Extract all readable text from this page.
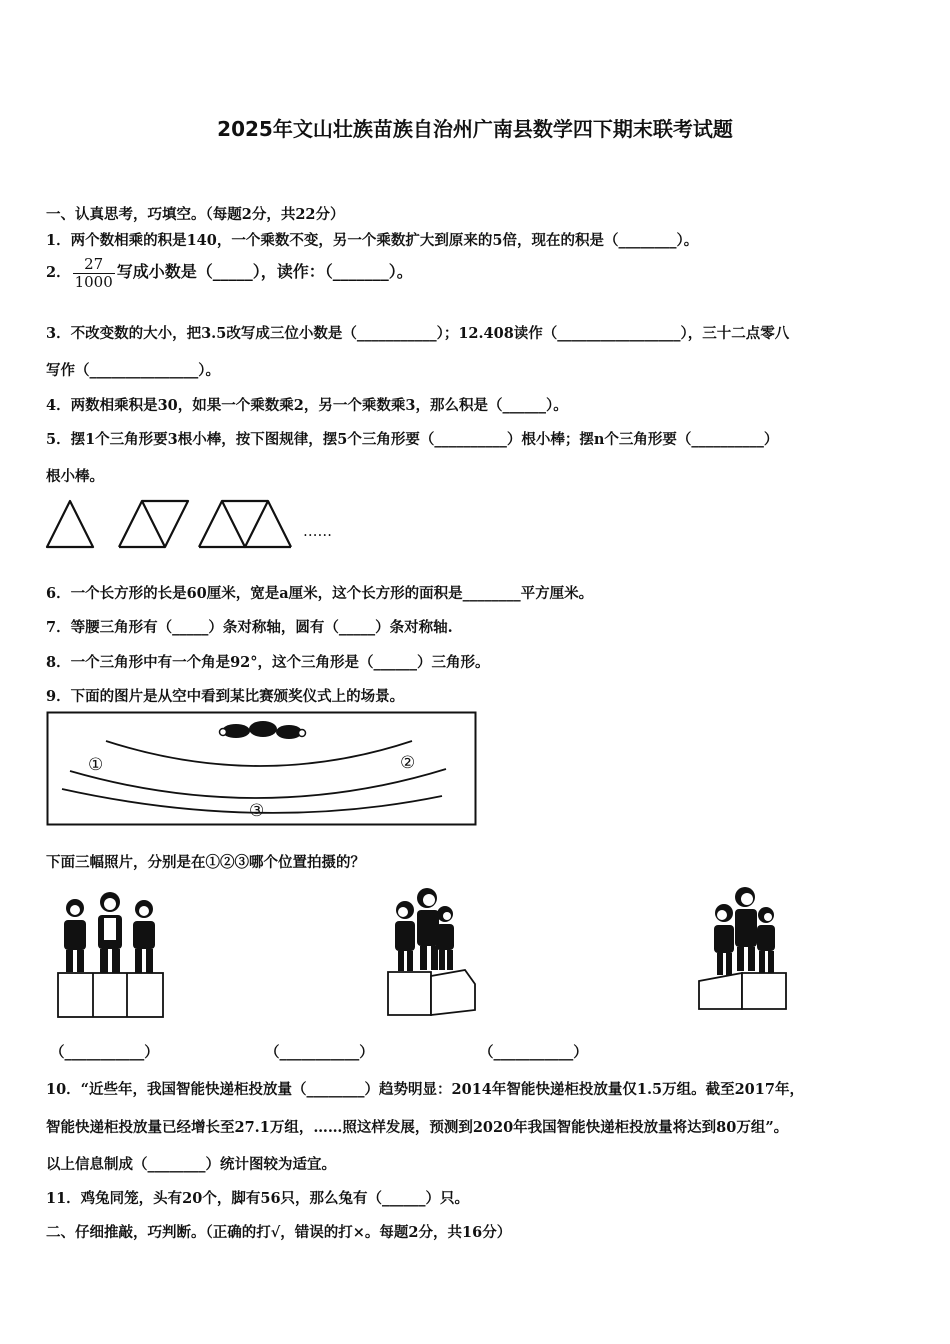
2025年文山壮族苗族自治州广南县数学四下期末联考试题
一、认真思考，巧填空。（每题2分，共22分）
1．两个数相乘的积是140，一个乘数不变，另一个乘数扩大到原来的5倍，现在的积是（________）。
2． $\frac{27}{1000}$ 写成小数是（_____），读作：（_______）。
3．不改变数的大小，把3.5改写成三位小数是（___________）；12.408读作（_________________），三十二点零八
写作（_______________）。
4．两数相乘积是30，如果一个乘数乘2，另一个乘数乘3，那么积是（______）。
5．摆1个三角形要3根小棒，按下图规律，摆5个三角形要（__________）根小棒；摆n个三角形要（__________）
根小棒。
……
6．一个长方形的长是60厘米，宽是a厘米，这个长方形的面积是________平方厘米。
7．等腰三角形有（_____）条对称轴，圆有（_____）条对称轴.
8．一个三角形中有一个角是92°，这个三角形是（______）三角形。
9．下面的图片是从空中看到某比赛颁奖仪式上的场景。
①	②
③
下面三幅照片，分别是在①②③哪个位置拍摄的？
（___________）	（___________）	（___________）
10．“近些年，我国智能快递柜投放量（________）趋势明显：2014年智能快递柜投放量仅1.5万组。截至2017年，
智能快递柜投放量已经增长至27.1万组，……照这样发展，预测到2020年我国智能快递柜投放量将达到80万组”。
以上信息制成（________）统计图较为适宜。
11．鸡兔同笼，头有20个，脚有56只，那么兔有（______）只。
二、仔细推敲，巧判断。（正确的打√，错误的打×。每题2分，共16分）
